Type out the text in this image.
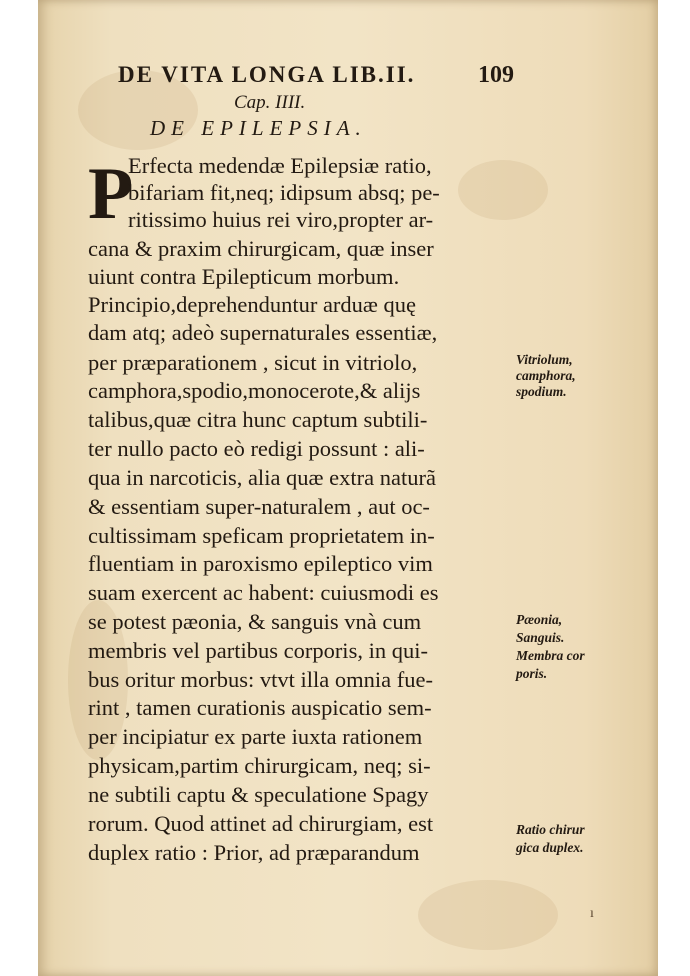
DE VITA LONGA LIB.II.	109
Cap. IIII.
DE EPILEPSIA.
P
Erfecta medendæ Epilepsiæ ratio,
bifariam fit,neq; idipsum absq; pe-
ritissimo huius rei viro,propter ar-
cana & praxim chirurgicam, quæ inser
uiunt contra Epilepticum morbum.
Principio,deprehenduntur arduæ quę
dam atq; adeò supernaturales essentiæ,
per præparationem , sicut in vitriolo,
camphora,spodio,monocerote,& alijs
talibus,quæ citra hunc captum subtili-
ter nullo pacto eò redigi possunt : ali-
qua in narcoticis, alia quæ extra naturã
& essentiam super-naturalem , aut oc-
cultissimam speficam proprietatem in-
fluentiam in paroxismo epileptico vim
suam exercent ac habent: cuiusmodi es
se potest pæonia, & sanguis vnà cum
membris vel partibus corporis, in qui-
bus oritur morbus: vtvt illa omnia fue-
rint , tamen curationis auspicatio sem-
per incipiatur ex parte iuxta rationem
physicam,partim chirurgicam, neq; si-
ne subtili captu & speculatione Spagy
rorum. Quod attinet ad chirurgiam, est
duplex ratio : Prior, ad præparandum
Vitriolum,
camphora,
spodium.
Pæonia,
Sanguis.
Membra cor
poris.
Ratio chirur
gica duplex.
ı
